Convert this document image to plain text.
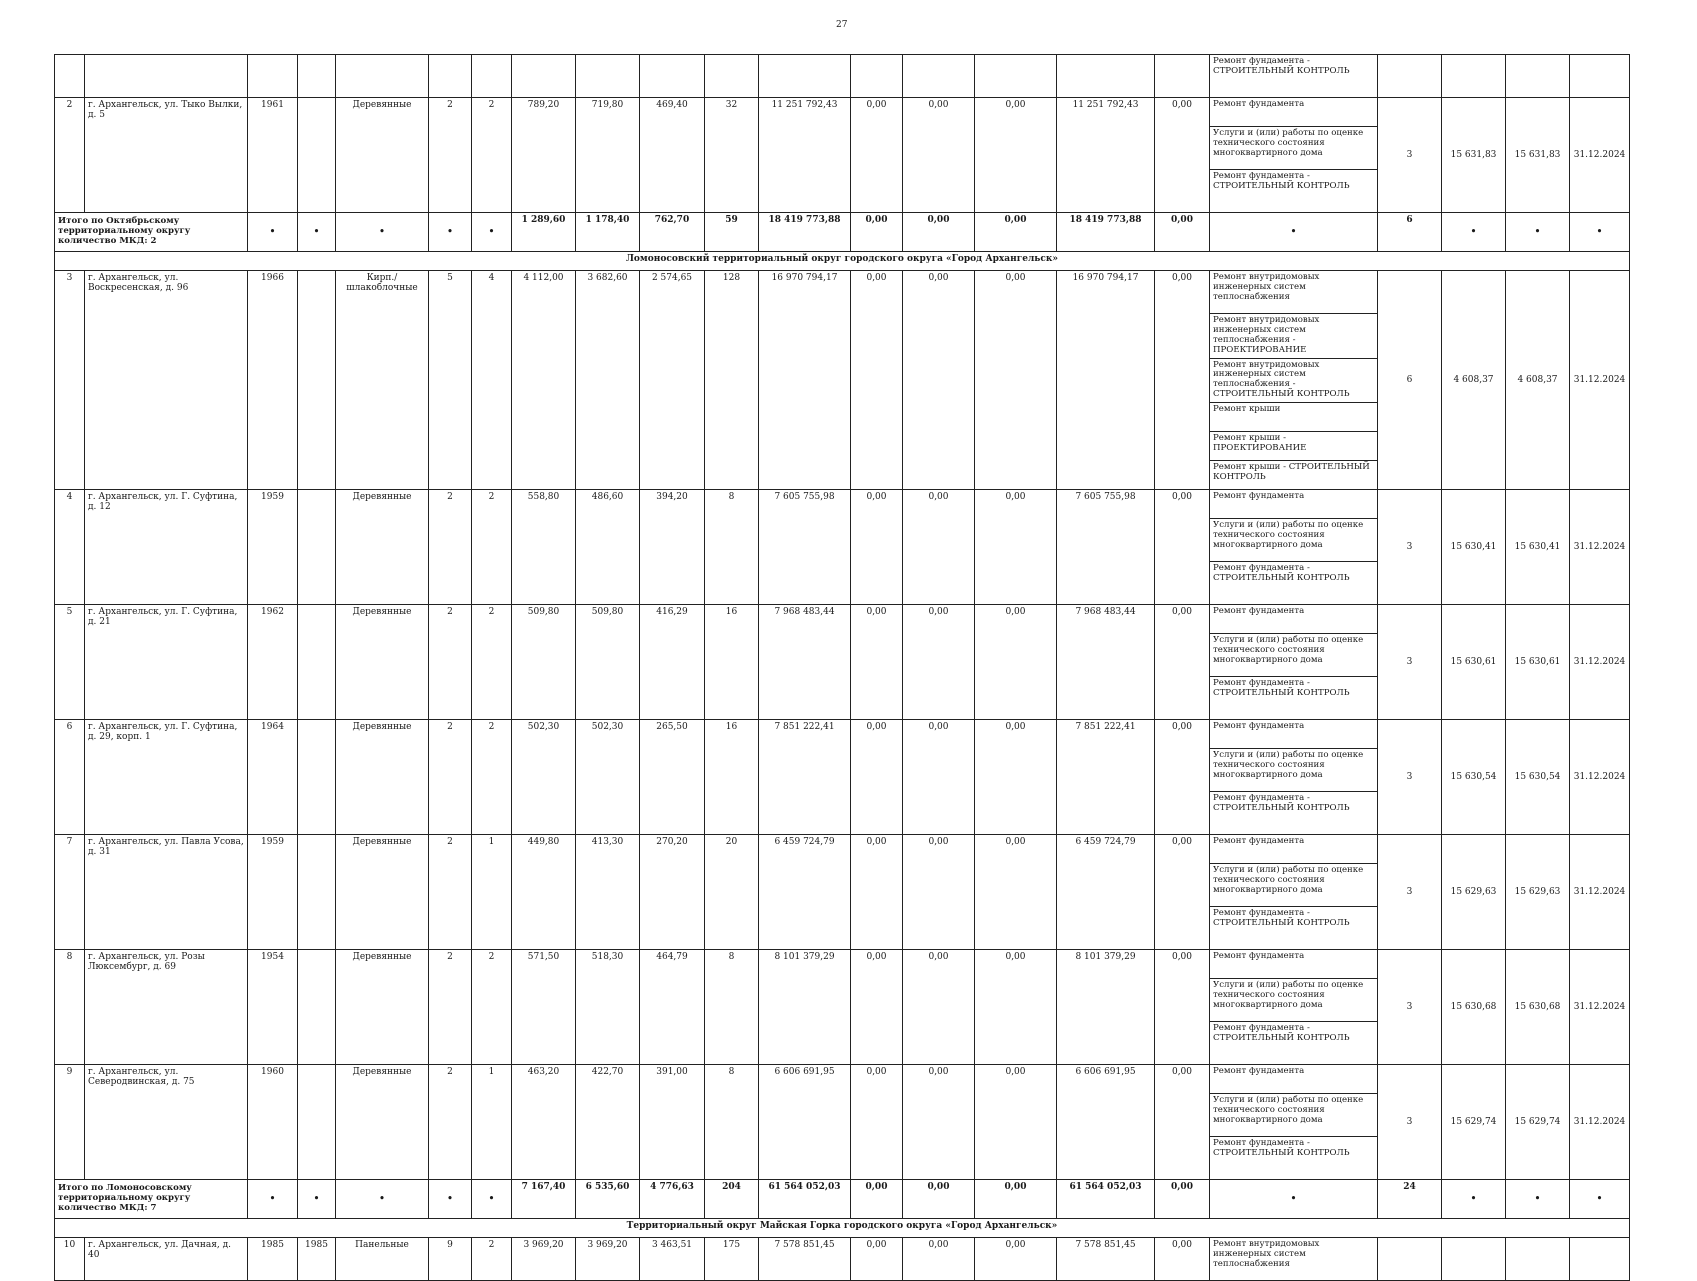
27
																	Ремонт фундамента - СТРОИТЕЛЬНЫЙ КОНТРОЛЬ				
2	г. Архангельск, ул. Тыко Вылки, д. 5	1961		Деревянные	2	2	789,20	719,80	469,40	32	11 251 792,43	0,00	0,00	0,00	11 251 792,43	0,00	Ремонт фундамента	3	15 631,83	15 631,83	31.12.2024
																	Услуги и (или) работы по оценке технического состояния многоквартирного дома				
																	Ремонт фундамента - СТРОИТЕЛЬНЫЙ КОНТРОЛЬ				
Итого по Октябрьскому территориальному округу количество МКД: 2		•	•	•	•	•	1 289,60	1 178,40	762,70	59	18 419 773,88	0,00	0,00	0,00	18 419 773,88	0,00	•	6	•	•	•
Ломоносовский территориальный округ городского округа «Город Архангельск»																					
3	г. Архангельск, ул. Воскресенская, д. 96	1966		Кирп./ шлакоблочные	5	4	4 112,00	3 682,60	2 574,65	128	16 970 794,17	0,00	0,00	0,00	16 970 794,17	0,00	Ремонт внутридомовых инженерных систем теплоснабжения	6	4 608,37	4 608,37	31.12.2024
																	Ремонт внутридомовых инженерных систем теплоснабжения - ПРОЕКТИРОВАНИЕ				
																	Ремонт внутридомовых инженерных систем теплоснабжения - СТРОИТЕЛЬНЫЙ КОНТРОЛЬ				
																	Ремонт крыши				
																	Ремонт крыши - ПРОЕКТИРОВАНИЕ				
																	Ремонт крыши - СТРОИТЕЛЬНЫЙ КОНТРОЛЬ				
4	г. Архангельск, ул. Г. Суфтина, д. 12	1959		Деревянные	2	2	558,80	486,60	394,20	8	7 605 755,98	0,00	0,00	0,00	7 605 755,98	0,00	Ремонт фундамента	3	15 630,41	15 630,41	31.12.2024
																	Услуги и (или) работы по оценке технического состояния многоквартирного дома				
																	Ремонт фундамента - СТРОИТЕЛЬНЫЙ КОНТРОЛЬ				
5	г. Архангельск, ул. Г. Суфтина, д. 21	1962		Деревянные	2	2	509,80	509,80	416,29	16	7 968 483,44	0,00	0,00	0,00	7 968 483,44	0,00	Ремонт фундамента	3	15 630,61	15 630,61	31.12.2024
																	Услуги и (или) работы по оценке технического состояния многоквартирного дома				
																	Ремонт фундамента - СТРОИТЕЛЬНЫЙ КОНТРОЛЬ				
6	г. Архангельск, ул. Г. Суфтина, д. 29, корп. 1	1964		Деревянные	2	2	502,30	502,30	265,50	16	7 851 222,41	0,00	0,00	0,00	7 851 222,41	0,00	Ремонт фундамента	3	15 630,54	15 630,54	31.12.2024
																	Услуги и (или) работы по оценке технического состояния многоквартирного дома				
																	Ремонт фундамента - СТРОИТЕЛЬНЫЙ КОНТРОЛЬ				
7	г. Архангельск, ул. Павла Усова, д. 31	1959		Деревянные	2	1	449,80	413,30	270,20	20	6 459 724,79	0,00	0,00	0,00	6 459 724,79	0,00	Ремонт фундамента	3	15 629,63	15 629,63	31.12.2024
																	Услуги и (или) работы по оценке технического состояния многоквартирного дома				
																	Ремонт фундамента - СТРОИТЕЛЬНЫЙ КОНТРОЛЬ				
8	г. Архангельск, ул. Розы Люксембург, д. 69	1954		Деревянные	2	2	571,50	518,30	464,79	8	8 101 379,29	0,00	0,00	0,00	8 101 379,29	0,00	Ремонт фундамента	3	15 630,68	15 630,68	31.12.2024
																	Услуги и (или) работы по оценке технического состояния многоквартирного дома				
																	Ремонт фундамента - СТРОИТЕЛЬНЫЙ КОНТРОЛЬ				
9	г. Архангельск, ул. Северодвинская, д. 75	1960		Деревянные	2	1	463,20	422,70	391,00	8	6 606 691,95	0,00	0,00	0,00	6 606 691,95	0,00	Ремонт фундамента	3	15 629,74	15 629,74	31.12.2024
																	Услуги и (или) работы по оценке технического состояния многоквартирного дома				
																	Ремонт фундамента - СТРОИТЕЛЬНЫЙ КОНТРОЛЬ				
Итого по Ломоносовскому территориальному округу количество МКД: 7		•	•	•	•	•	7 167,40	6 535,60	4 776,63	204	61 564 052,03	0,00	0,00	0,00	61 564 052,03	0,00	•	24	•	•	•
Территориальный округ Майская Горка городского округа «Город Архангельск»																					
10	г. Архангельск, ул. Дачная, д. 40	1985	1985	Панельные	9	2	3 969,20	3 969,20	3 463,51	175	7 578 851,45	0,00	0,00	0,00	7 578 851,45	0,00	Ремонт внутридомовых инженерных систем теплоснабжения				
